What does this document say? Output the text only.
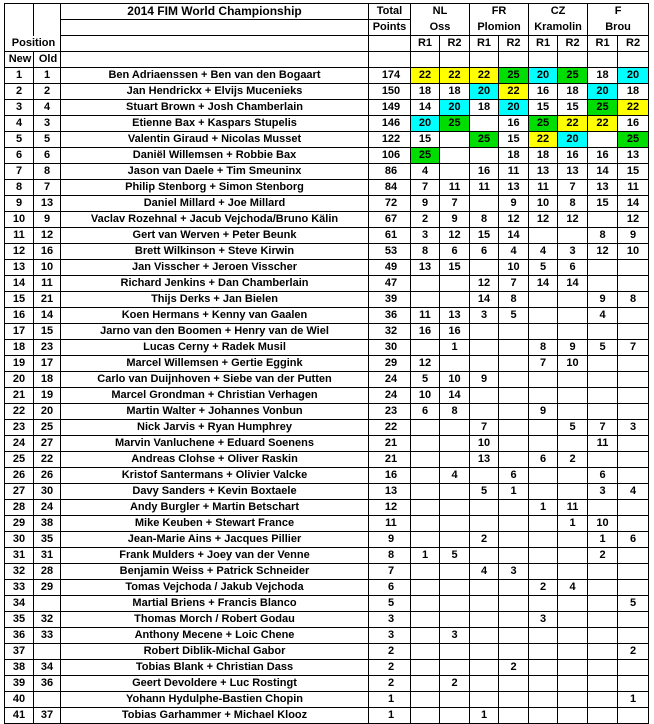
		2014 FIM World Championship	Total	NL		FR		CZ		F	
			Points	Oss		Plomion		Kramolin		Brou	
Position				R1	R2	R1	R2	R1	R2	R1	R2
New	Old										
1	1	Ben Adriaenssen + Ben van den Bogaart	174	22	22	22	25	20	25	18	20
2	2	Jan Hendrickx + Elvijs Mucenieks	150	18	18	20	22	16	18	20	18
3	4	Stuart Brown + Josh Chamberlain	149	14	20	18	20	15	15	25	22
4	3	Etienne Bax + Kaspars Stupelis	146	20	25		16	25	22	22	16
5	5	Valentin Giraud + Nicolas Musset	122	15		25	15	22	20		25
6	6	Daniël Willemsen + Robbie Bax	106	25			18	18	16	16	13
7	8	Jason van Daele + Tim Smeuninx	86	4		16	11	13	13	14	15
8	7	Philip Stenborg + Simon Stenborg	84	7	11	11	13	11	7	13	11
9	13	Daniel Millard + Joe Millard	72	9	7		9	10	8	15	14
10	9	Vaclav Rozehnal + Jacub Vejchoda/Bruno Kälin	67	2	9	8	12	12	12		12
11	12	Gert van Werven + Peter Beunk	61	3	12	15	14			8	9
12	16	Brett Wilkinson + Steve Kirwin	53	8	6	6	4	4	3	12	10
13	10	Jan Visscher + Jeroen Visscher	49	13	15		10	5	6		
14	11	Richard Jenkins + Dan Chamberlain	47			12	7	14	14		
15	21	Thijs Derks + Jan Bielen	39			14	8			9	8
16	14	Koen Hermans + Kenny van Gaalen	36	11	13	3	5			4	
17	15	Jarno van den Boomen + Henry van de Wiel	32	16	16						
18	23	Lucas Cerny + Radek Musil	30		1			8	9	5	7
19	17	Marcel Willemsen + Gertie Eggink	29	12				7	10		
20	18	Carlo van Duijnhoven + Siebe van der Putten	24	5	10	9					
21	19	Marcel Grondman + Christian Verhagen	24	10	14						
22	20	Martin Walter + Johannes Vonbun	23	6	8			9			
23	25	Nick Jarvis + Ryan Humphrey	22			7			5	7	3
24	27	Marvin Vanluchene + Eduard Soenens	21			10				11	
25	22	Andreas Clohse + Oliver Raskin	21			13		6	2		
26	26	Kristof Santermans + Olivier Valcke	16		4		6			6	
27	30	Davy Sanders + Kevin Boxtaele	13			5	1			3	4
28	24	Andy Burgler + Martin Betschart	12					1	11		
29	38	Mike Keuben + Stewart France	11						1	10	
30	35	Jean-Marie Ains + Jacques Pillier	9			2				1	6
31	31	Frank Mulders + Joey van der Venne	8	1	5					2	
32	28	Benjamin Weiss + Patrick Schneider	7			4	3				
33	29	Tomas Vejchoda / Jakub Vejchoda	6					2	4		
34		Martial Briens + Francis Blanco	5								5
35	32	Thomas Morch / Robert Godau	3					3			
36	33	Anthony Mecene + Loic Chene	3		3						
37		Robert Diblik-Michal Gabor	2								2
38	34	Tobias Blank + Christian Dass	2				2				
39	36	Geert Devoldere + Luc Rostingt	2		2						
40		Yohann Hydulphe-Bastien Chopin	1								1
41	37	Tobias Garhammer + Michael Klooz	1			1					
